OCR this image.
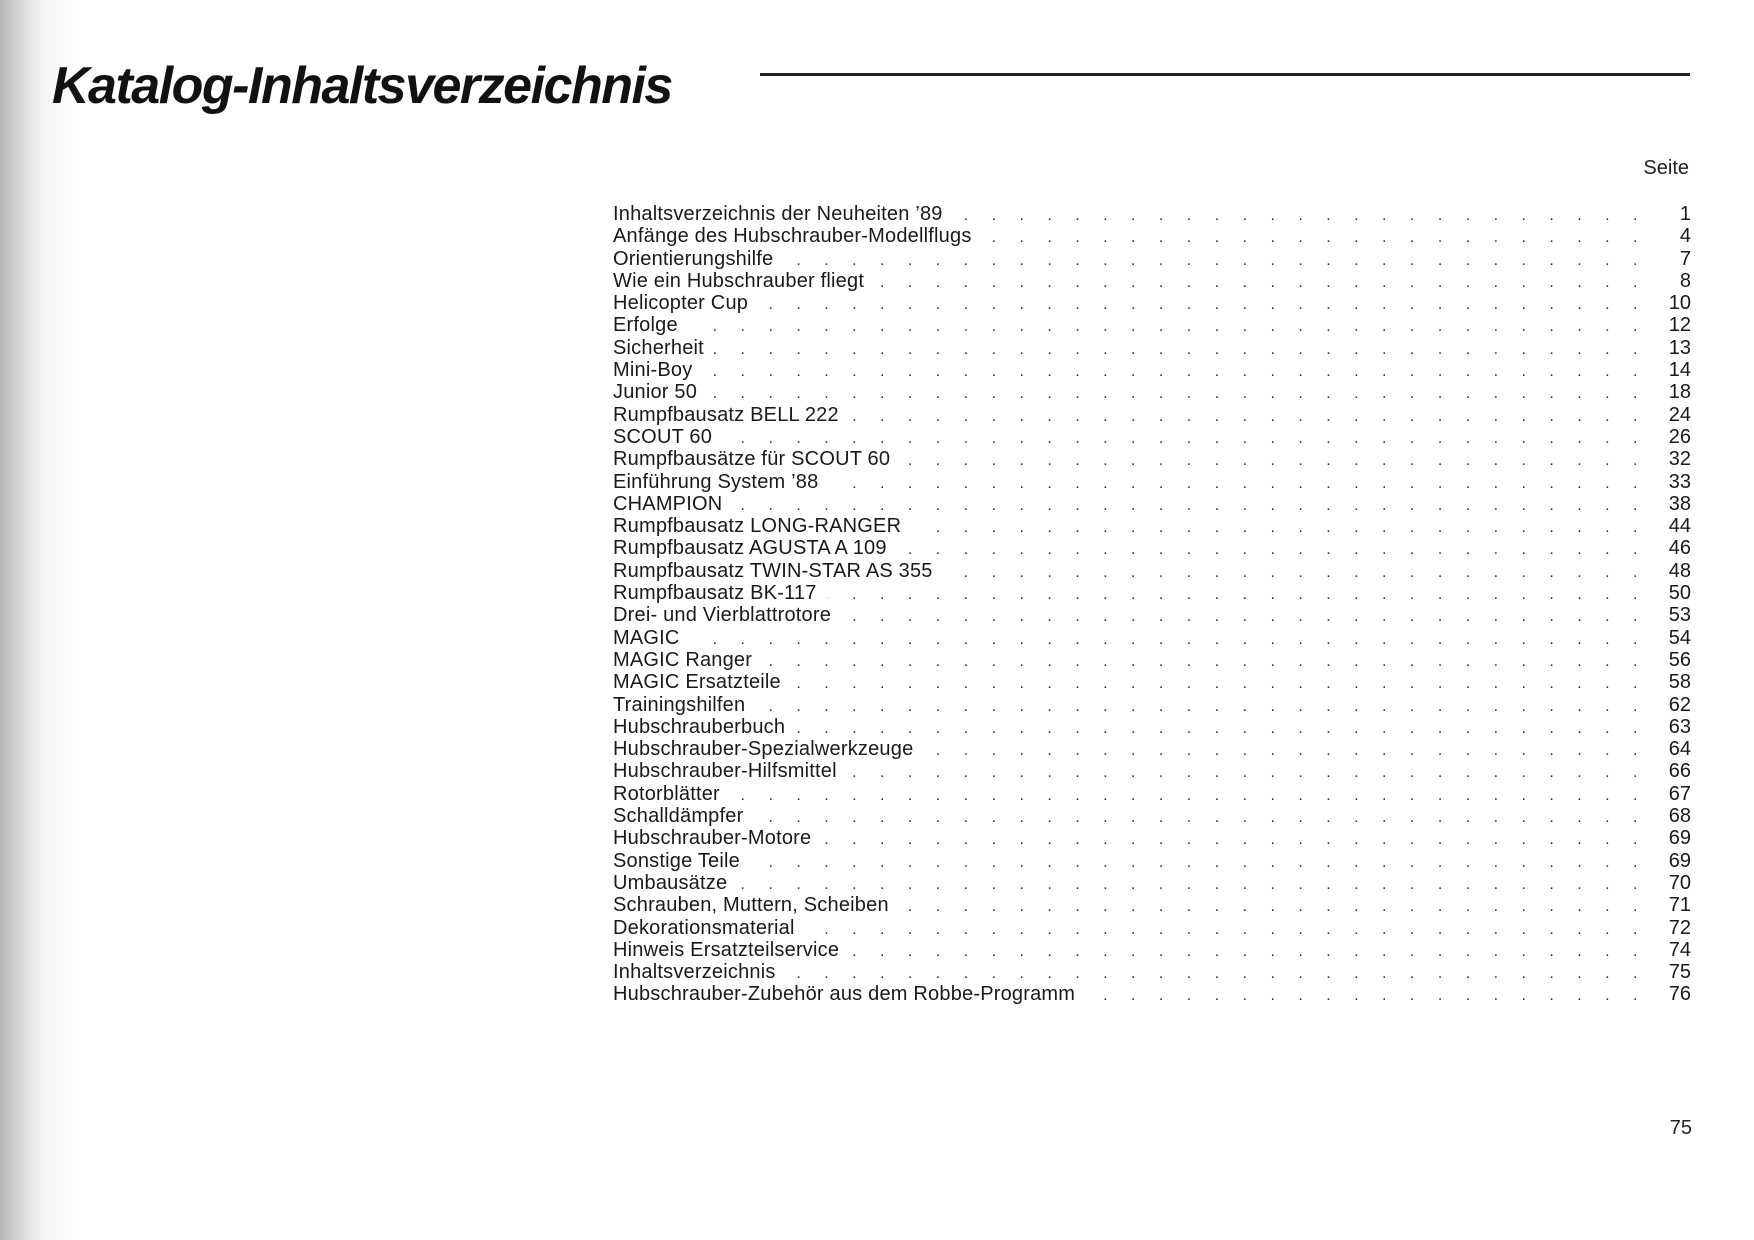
Katalog-Inhaltsverzeichnis
Seite
Inhaltsverzeichnis der Neuheiten ’89 . . .	1
Anfänge des Hubschrauber-Modellflugs . . .	4
Orientierungshilfe . . .	7
Wie ein Hubschrauber fliegt . . .	8
Helicopter Cup . . .	10
Erfolge . . .	12
Sicherheit . . .	13
Mini-Boy . . .	14
Junior 50 . . .	18
Rumpfbausatz BELL 222 . . .	24
SCOUT 60 . . .	26
Rumpfbausätze für SCOUT 60 . . .	32
Einführung System ’88 . . .	33
CHAMPION . . .	38
Rumpfbausatz LONG-RANGER . . .	44
Rumpfbausatz AGUSTA A 109 . . .	46
Rumpfbausatz TWIN-STAR AS 355 . . .	48
Rumpfbausatz BK-117 . . .	50
Drei- und Vierblattrotore . . .	53
MAGIC . . .	54
MAGIC Ranger . . .	56
MAGIC Ersatzteile . . .	58
Trainingshilfen . . .	62
Hubschrauberbuch . . .	63
Hubschrauber-Spezialwerkzeuge . . .	64
Hubschrauber-Hilfsmittel . . .	66
Rotorblätter . . .	67
Schalldämpfer . . .	68
Hubschrauber-Motore . . .	69
Sonstige Teile . . .	69
Umbausätze . . .	70
Schrauben, Muttern, Scheiben . . .	71
Dekorationsmaterial . . .	72
Hinweis Ersatzteilservice . . .	74
Inhaltsverzeichnis . . .	75
Hubschrauber-Zubehör aus dem Robbe-Programm . . .	76
75
